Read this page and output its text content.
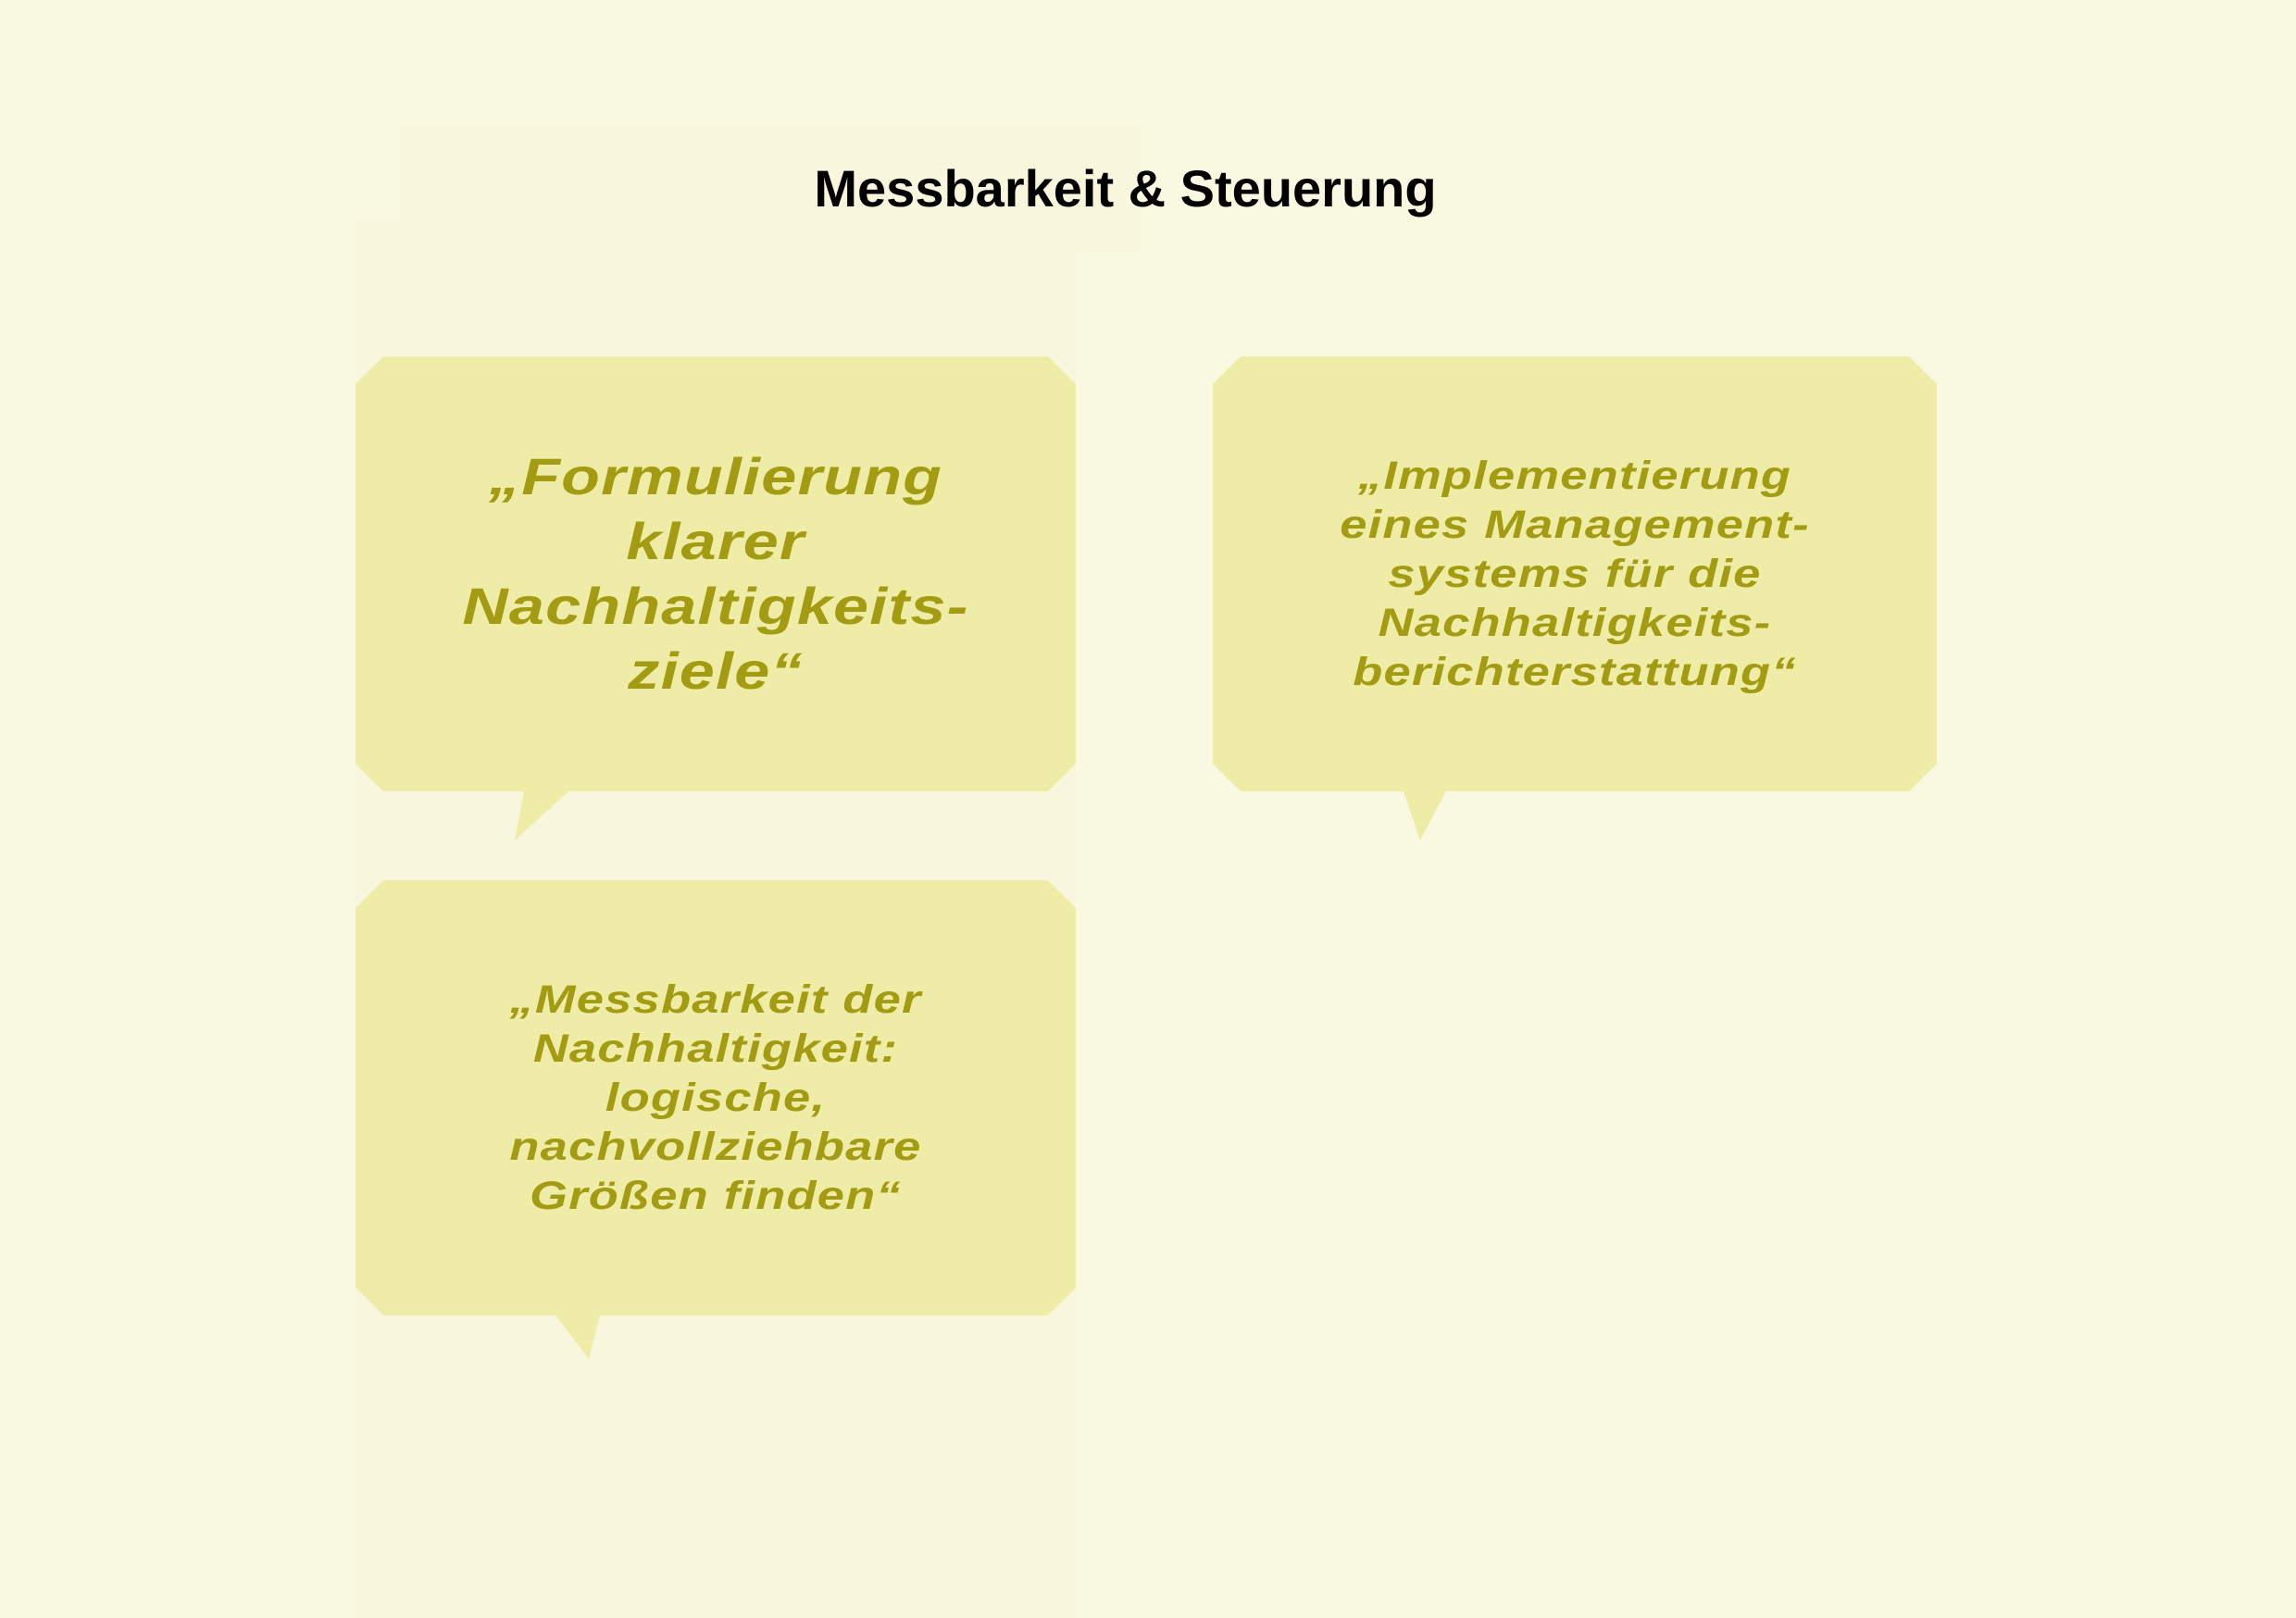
Messbarkeit & Steuerung
„Formulierung
klarer
Nachhaltigkeits-
ziele“
„Implementierung
eines Management-
systems für die
Nachhaltigkeits-
berichterstattung“
„Messbarkeit der
Nachhaltigkeit:
logische,
nachvollziehbare
Größen finden“
